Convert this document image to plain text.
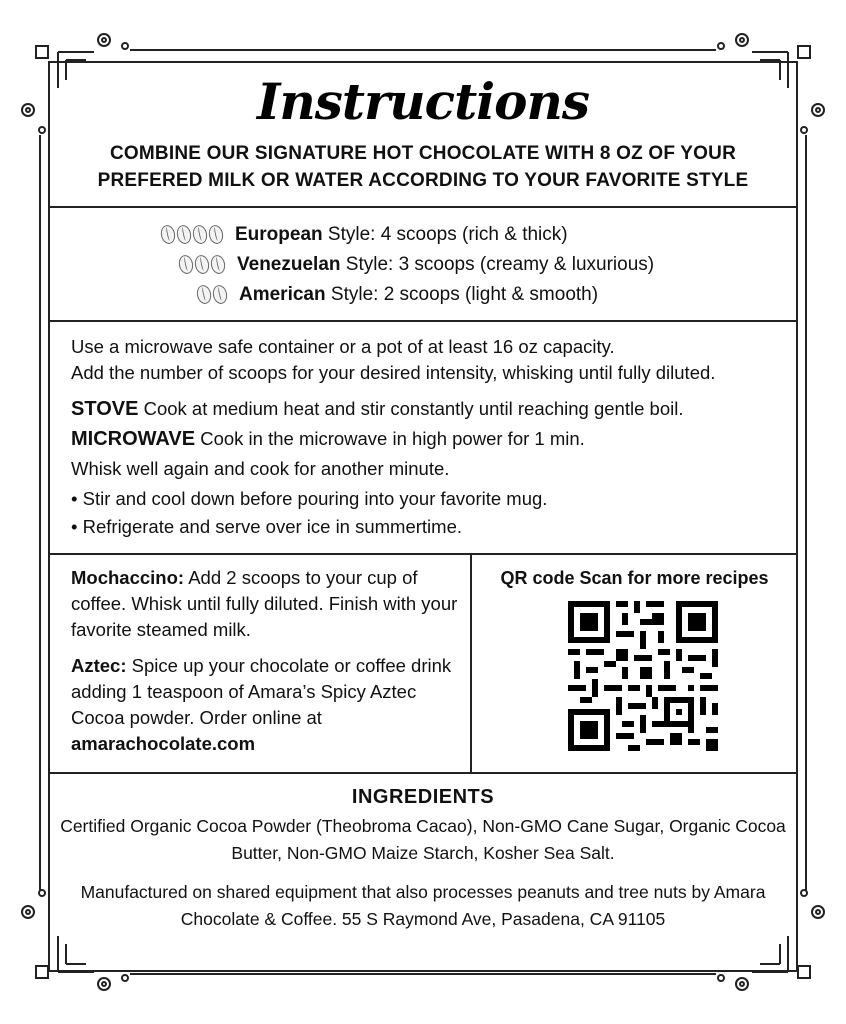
Instructions
COMBINE OUR SIGNATURE HOT CHOCOLATE WITH 8 OZ OF YOUR PREFERED MILK OR WATER ACCORDING TO YOUR FAVORITE STYLE
European Style: 4 scoops (rich & thick)
Venezuelan Style: 3 scoops (creamy & luxurious)
American Style: 2 scoops (light & smooth)

Use a microwave safe container or a pot of at least 16 oz capacity.

Add the number of scoops for your desired intensity, whisking until fully diluted.

STOVE Cook at medium heat and stir constantly until reaching gentle boil.

MICROWAVE Cook in the microwave in high power for 1 min.

Whisk well again and cook for another minute.

• Stir and cool down before pouring into your favorite mug.

• Refrigerate and serve over ice in summertime.

Mochaccino: Add 2 scoops to your cup of coffee. Whisk until fully diluted. Finish with your favorite steamed milk.

Aztec: Spice up your chocolate or coffee drink adding 1 teaspoon of Amara’s Spicy Aztec Cocoa powder. Order online at
amarachocolate.com

QR code Scan for more recipes
INGREDIENTS

Certified Organic Cocoa Powder (Theobroma Cacao), Non-GMO Cane Sugar, Organic Cocoa Butter, Non-GMO Maize Starch, Kosher Sea Salt.

Manufactured on shared equipment that also processes peanuts and tree nuts by Amara Chocolate & Coffee. 55 S Raymond Ave, Pasadena, CA 91105
